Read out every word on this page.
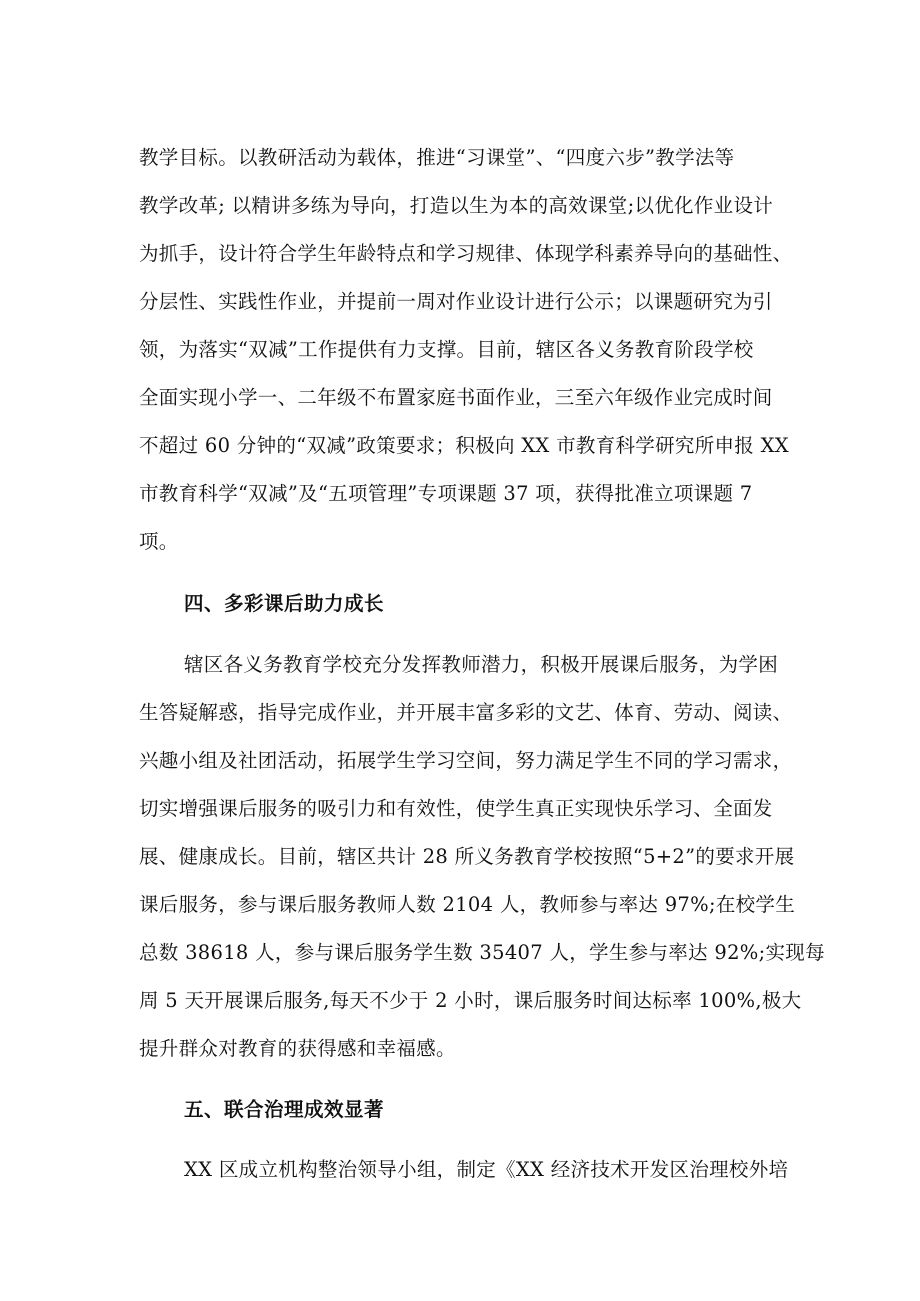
教学目标。以教研活动为载体，推进“习课堂”、“四度六步”教学法等
教学改革; 以精讲多练为导向，打造以生为本的高效课堂;以优化作业设计
为抓手，设计符合学生年龄特点和学习规律、体现学科素养导向的基础性、
分层性、实践性作业，并提前一周对作业设计进行公示；以课题研究为引
领，为落实“双减”工作提供有力支撑。目前，辖区各义务教育阶段学校
全面实现小学一、二年级不布置家庭书面作业，三至六年级作业完成时间
不超过 60 分钟的“双减”政策要求；积极向 XX 市教育科学研究所申报 XX
市教育科学“双减”及“五项管理”专项课题 37 项，获得批准立项课题 7
项。
四、多彩课后助力成长
辖区各义务教育学校充分发挥教师潜力，积极开展课后服务，为学困
生答疑解惑，指导完成作业，并开展丰富多彩的文艺、体育、劳动、阅读、
兴趣小组及社团活动，拓展学生学习空间，努力满足学生不同的学习需求，
切实增强课后服务的吸引力和有效性，使学生真正实现快乐学习、全面发
展、健康成长。目前，辖区共计 28 所义务教育学校按照“5+2”的要求开展
课后服务，参与课后服务教师人数 2104 人，教师参与率达 97%;在校学生
总数 38618 人，参与课后服务学生数 35407 人，学生参与率达 92%;实现每
周 5 天开展课后服务,每天不少于 2 小时，课后服务时间达标率 100%,极大
提升群众对教育的获得感和幸福感。
五、联合治理成效显著
XX 区成立机构整治领导小组，制定《XX 经济技术开发区治理校外培
